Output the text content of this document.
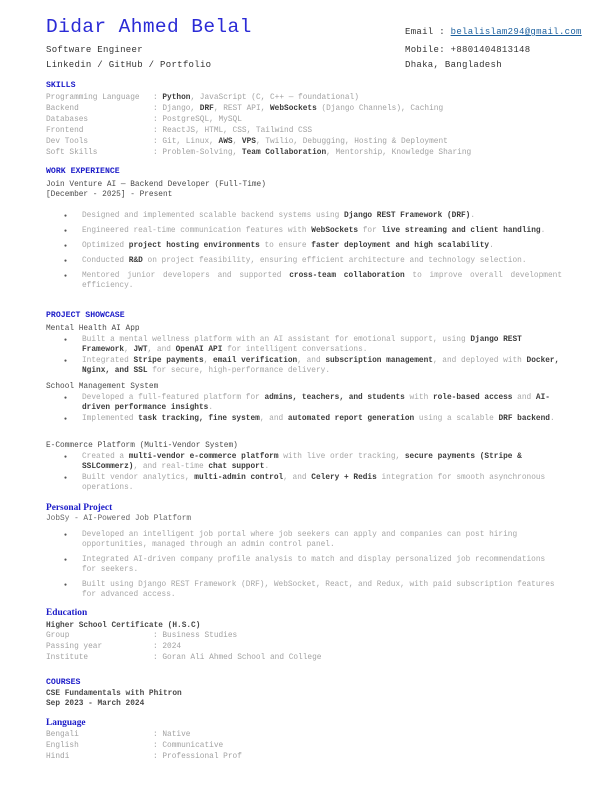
Didar Ahmed Belal
Software Engineer
Linkedin / GitHub / Portfolio
Email : belalislam294@gmail.com
Mobile: +8801404813148
Dhaka, Bangladesh
SKILLS
Programming Language : Python, JavaScript (C, C++ — foundational)
Backend	: Django, DRF, REST API, WebSockets (Django Channels), Caching
Databases	: PostgreSQL, MySQL
Frontend	: ReactJS, HTML, CSS, Tailwind CSS
Dev Tools	: Git, Linux, AWS, VPS, Twilio, Debugging, Hosting & Deployment
Soft Skills	: Problem-Solving, Team Collaboration, Mentorship, Knowledge Sharing
WORK EXPERIENCE
Join Venture AI — Backend Developer (Full-Time)
[December - 2025] - Present
● Designed and implemented scalable backend systems using Django REST Framework (DRF).
● Engineered real-time communication features with WebSockets for live streaming and client handling.
● Optimized project hosting environments to ensure faster deployment and high scalability.
● Conducted R&D on project feasibility, ensuring efficient architecture and technology selection.
● Mentored junior developers and supported cross-team collaboration to improve overall development efficiency.
PROJECT SHOWCASE
Mental Health AI App
● Built a mental wellness platform with an AI assistant for emotional support, using Django REST Framework, JWT, and OpenAI API for intelligent conversations.
● Integrated Stripe payments, email verification, and subscription management, and deployed with Docker, Nginx, and SSL for secure, high-performance delivery.
School Management System
● Developed a full-featured platform for admins, teachers, and students with role-based access and AI-driven performance insights.
● Implemented task tracking, fine system, and automated report generation using a scalable DRF backend.
E-Commerce Platform (Multi-Vendor System)
● Created a multi-vendor e-commerce platform with live order tracking, secure payments (Stripe & SSLCommerz), and real-time chat support.
● Built vendor analytics, multi-admin control, and Celery + Redis integration for smooth asynchronous operations.
Personal Project
JobSy - AI-Powered Job Platform
● Developed an intelligent job portal where job seekers can apply and companies can post hiring opportunities, managed through an admin control panel.
● Integrated AI-driven company profile analysis to match and display personalized job recommendations for seekers.
● Built using Django REST Framework (DRF), WebSocket, React, and Redux, with paid subscription features for advanced access.
Education
Higher School Certificate (H.S.C)
Group	: Business Studies
Passing year	: 2024
Institute	: Goran Ali Ahmed School and College
COURSES
CSE Fundamentals with Phitron
Sep 2023 - March 2024
Language
Bengali	: Native
English	: Communicative
Hindi	: Professional Prof
